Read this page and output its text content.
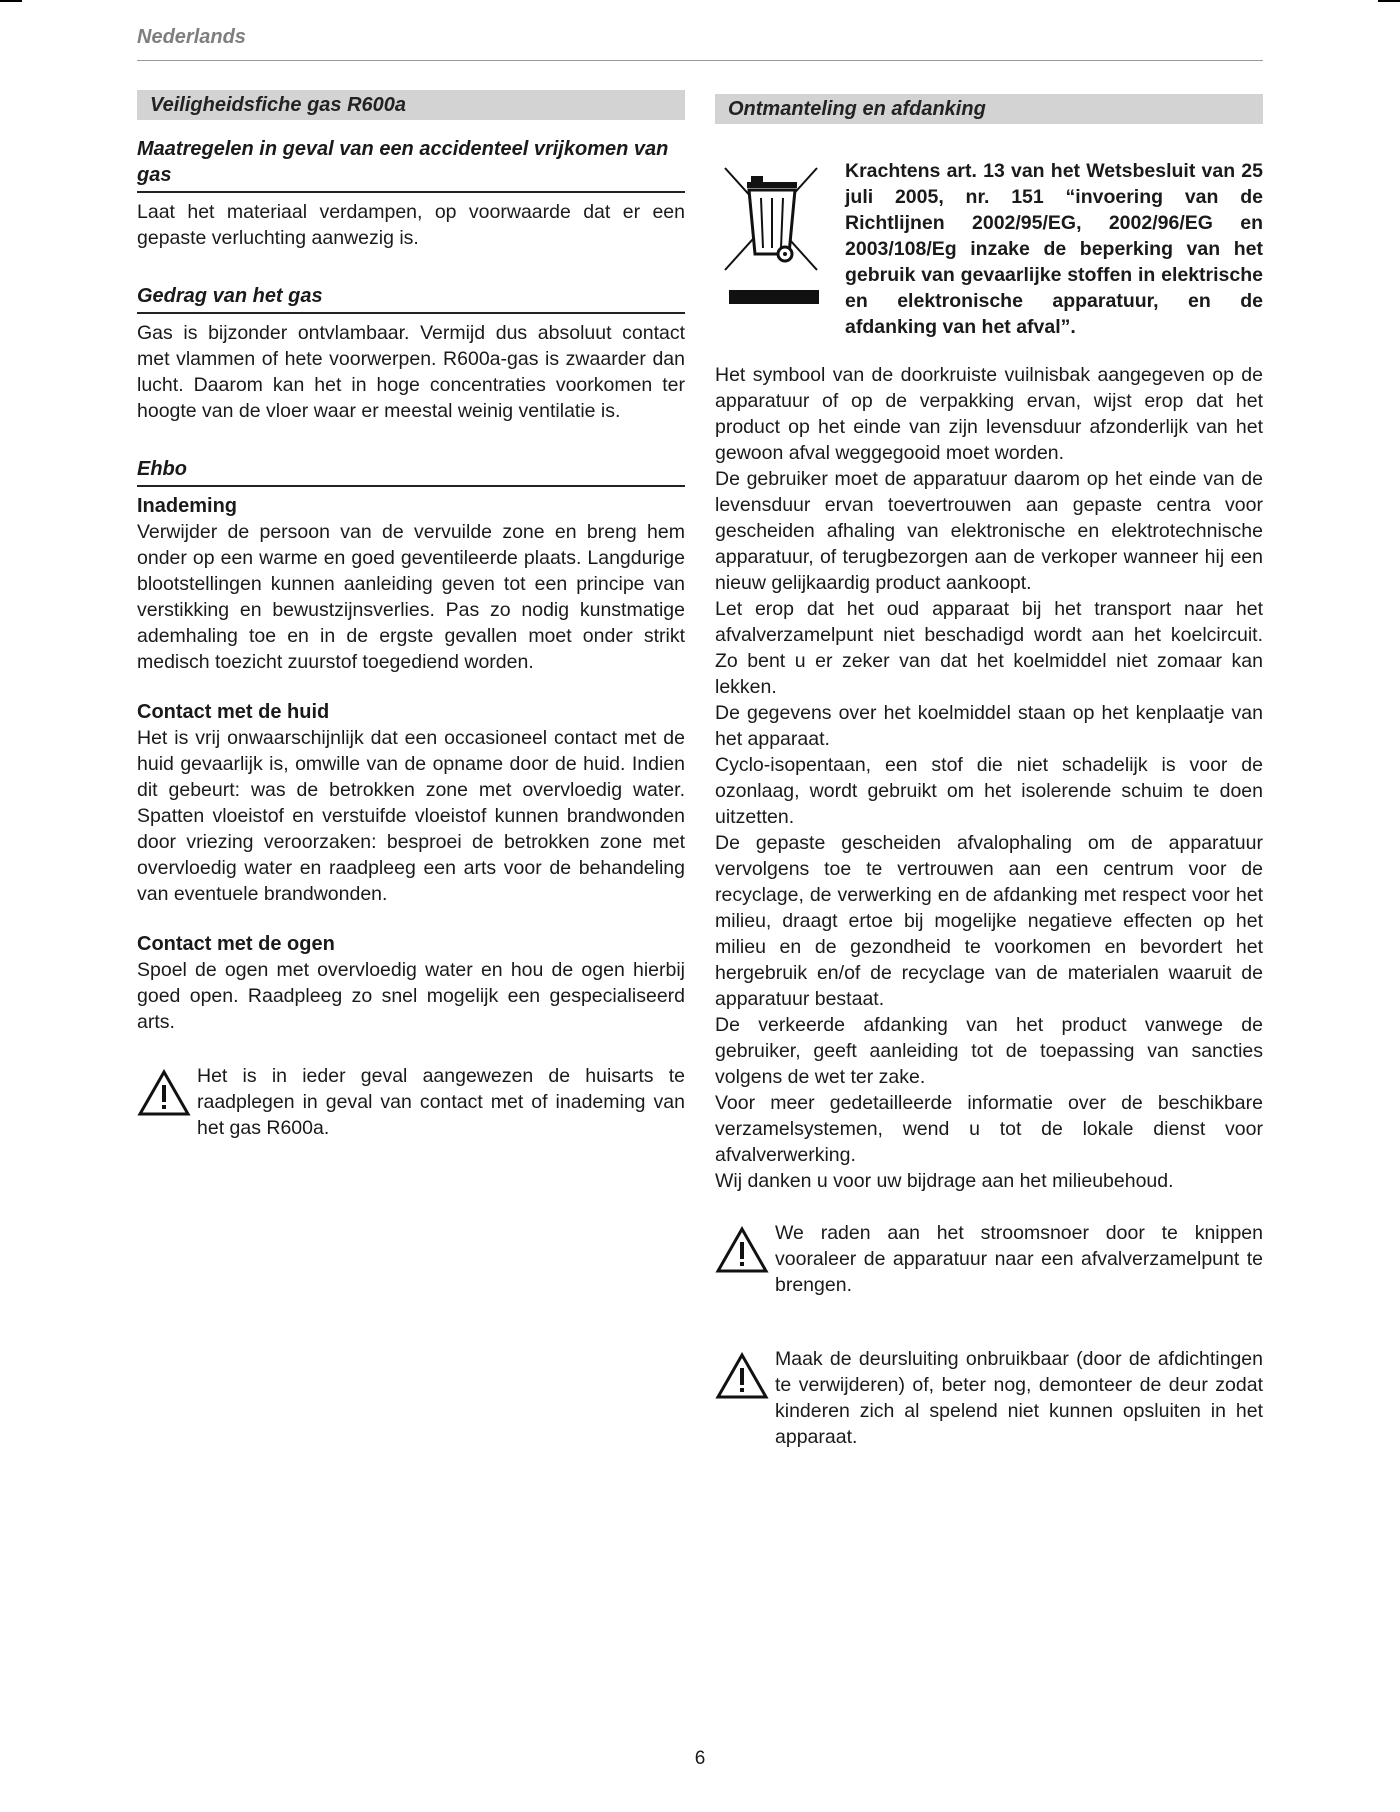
Nederlands
Veiligheidsfiche gas R600a
Maatregelen in geval van een accidenteel vrijkomen van gas

Laat het materiaal verdampen, op voorwaarde dat er een gepaste verluchting aanwezig is.

Gedrag van het gas

Gas is bijzonder ontvlambaar. Vermijd dus absoluut contact met vlammen of hete voorwerpen. R600a-gas is zwaarder dan lucht. Daarom kan het in hoge concentraties voorkomen ter hoogte van de vloer waar er meestal weinig ventilatie is.

Ehbo
Inademing

Verwijder de persoon van de vervuilde zone en breng hem onder op een warme en goed geventileerde plaats. Langdurige blootstellingen kunnen aanleiding geven tot een principe van verstikking en bewustzijnsverlies. Pas zo nodig kunstmatige ademhaling toe en in de ergste gevallen moet onder strikt medisch toezicht zuurstof toegediend worden.

Contact met de huid

Het is vrij onwaarschijnlijk dat een occasioneel contact met de huid gevaarlijk is, omwille van de opname door de huid. Indien dit gebeurt: was de betrokken zone met overvloedig water. Spatten vloeistof en verstuifde vloeistof kunnen brandwonden door vriezing veroorzaken: besproei de betrokken zone met overvloedig water en raadpleeg een arts voor de behandeling van eventuele brandwonden.

Contact met de ogen

Spoel de ogen met overvloedig water en hou de ogen hierbij goed open. Raadpleeg zo snel mogelijk een gespecialiseerd arts.

Het is in ieder geval aangewezen de huisarts te raadplegen in geval van contact met of inademing van het gas R600a.

Ontmanteling en afdanking

Krachtens art. 13 van het Wetsbesluit van 25 juli 2005, nr. 151 “invoering van de Richtlijnen 2002/95/EG, 2002/96/EG en 2003/108/Eg inzake de beperking van het gebruik van gevaarlijke stoffen in elektrische en elektronische apparatuur, en de afdanking van het afval”.

Het symbool van de doorkruiste vuilnisbak aangegeven op de apparatuur of op de verpakking ervan, wijst erop dat het product op het einde van zijn levensduur afzonderlijk van het gewoon afval weggegooid moet worden.

De gebruiker moet de apparatuur daarom op het einde van de levensduur ervan toevertrouwen aan gepaste centra voor gescheiden afhaling van elektronische en elektrotechnische apparatuur, of terugbezorgen aan de verkoper wanneer hij een nieuw gelijkaardig product aankoopt.

Let erop dat het oud apparaat bij het transport naar het afvalverzamelpunt niet beschadigd wordt aan het koelcircuit. Zo bent u er zeker van dat het koelmiddel niet zomaar kan lekken.

De gegevens over het koelmiddel staan op het kenplaatje van het apparaat.

Cyclo-isopentaan, een stof die niet schadelijk is voor de ozonlaag, wordt gebruikt om het isolerende schuim te doen uitzetten.

De gepaste gescheiden afvalophaling om de apparatuur vervolgens toe te vertrouwen aan een centrum voor de recyclage, de verwerking en de afdanking met respect voor het milieu, draagt ertoe bij mogelijke negatieve effecten op het milieu en de gezondheid te voorkomen en bevordert het hergebruik en/of de recyclage van de materialen waaruit de apparatuur bestaat.

De verkeerde afdanking van het product vanwege de gebruiker, geeft aanleiding tot de toepassing van sancties volgens de wet ter zake.

Voor meer gedetailleerde informatie over de beschikbare verzamelsystemen, wend u tot de lokale dienst voor afvalverwerking.

Wij danken u voor uw bijdrage aan het milieubehoud.

We raden aan het stroomsnoer door te knippen vooraleer de apparatuur naar een afvalverzamelpunt te brengen.

Maak de deursluiting onbruikbaar (door de afdichtingen te verwijderen) of, beter nog, demonteer de deur zodat kinderen zich al spelend niet kunnen opsluiten in het apparaat.

6
